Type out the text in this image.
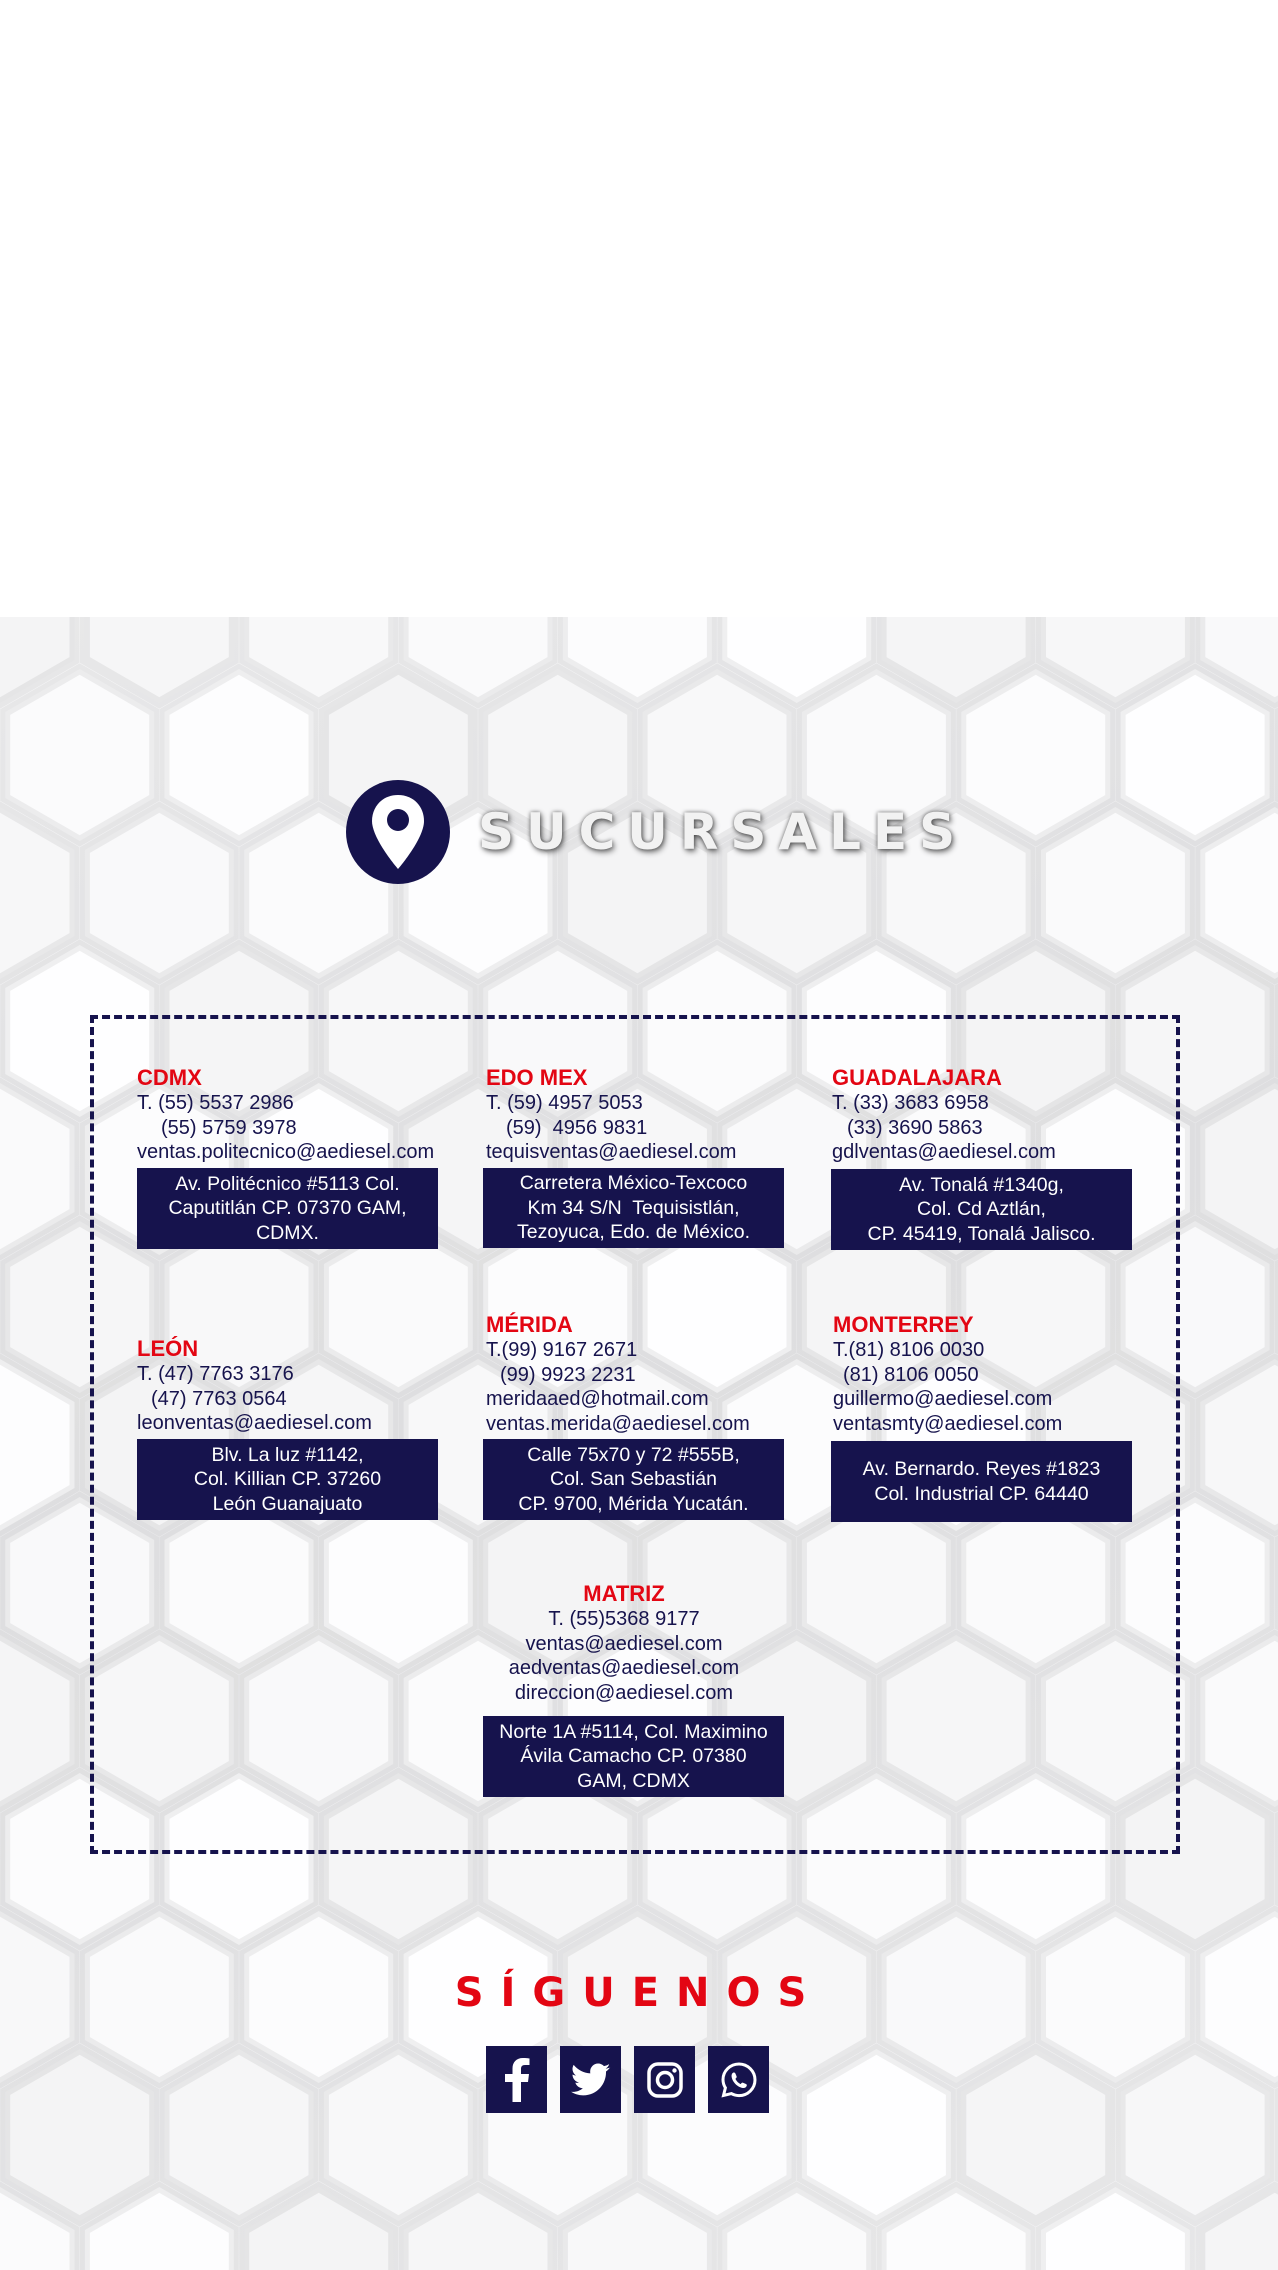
SUCURSALES
CDMX
T. (55) 5537 2986
(55) 5759 3978
ventas.politecnico@aediesel.com
Av. Politécnico #5113 Col.
Caputitlán CP. 07370 GAM,
CDMX.
EDO MEX
T. (59) 4957 5053
(59)  4956 9831
tequisventas@aediesel.com
Carretera México-Texcoco
Km 34 S/N  Tequisistlán,
Tezoyuca, Edo. de México.
GUADALAJARA
T. (33) 3683 6958
(33) 3690 5863
gdlventas@aediesel.com
Av. Tonalá #1340g,
Col. Cd Aztlán,
CP. 45419, Tonalá Jalisco.
LEÓN
T. (47) 7763 3176
(47) 7763 0564
leonventas@aediesel.com
Blv. La luz #1142,
Col. Killian CP. 37260
León Guanajuato
MÉRIDA
T.(99) 9167 2671
(99) 9923 2231
meridaaed@hotmail.com
ventas.merida@aediesel.com
Calle 75x70 y 72 #555B,
Col. San Sebastián
CP. 9700, Mérida Yucatán.
MONTERREY
T.(81) 8106 0030
(81) 8106 0050
guillermo@aediesel.com
ventasmty@aediesel.com
Av. Bernardo. Reyes #1823
Col. Industrial CP. 64440
MATRIZ
T. (55)5368 9177
ventas@aediesel.com
aedventas@aediesel.com
direccion@aediesel.com
Norte 1A #5114, Col. Maximino
Ávila Camacho CP. 07380
GAM, CDMX
SÍGUENOS
